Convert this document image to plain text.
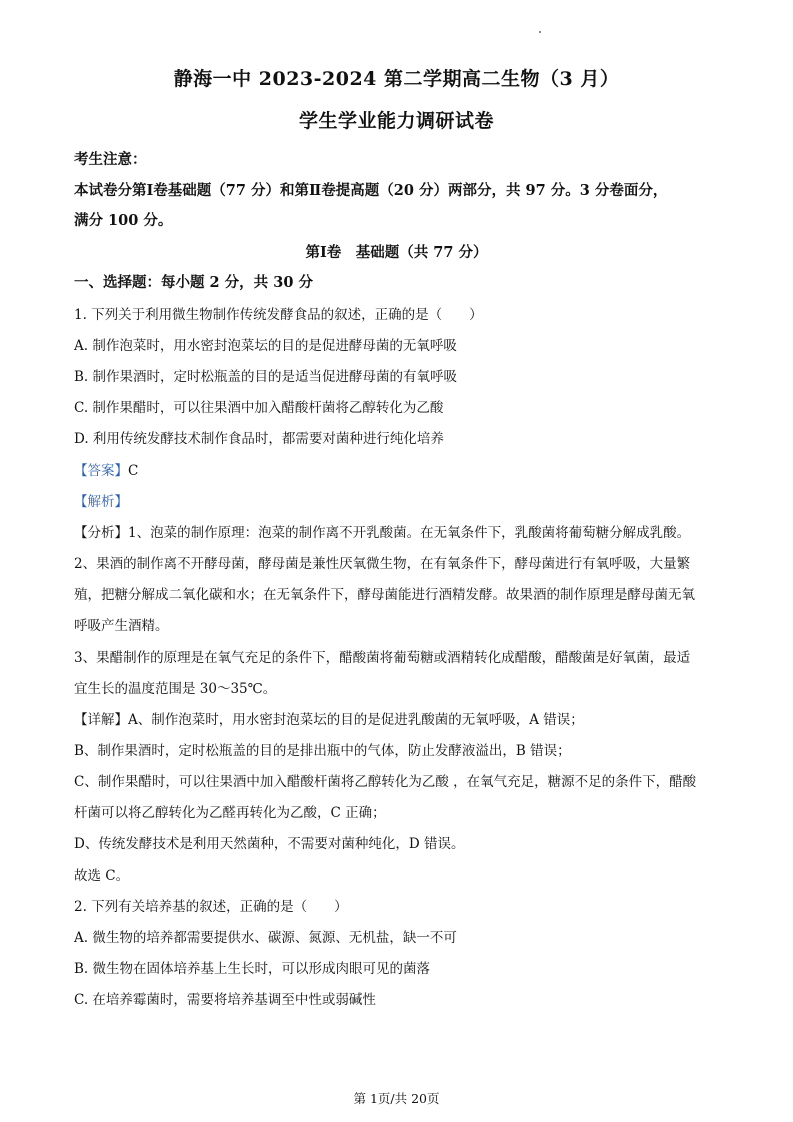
静海一中 2023-2024 第二学期高二生物（3 月）
学生学业能力调研试卷
考生注意：
本试卷分第Ⅰ卷基础题（77 分）和第Ⅱ卷提高题（20 分）两部分，共 97 分。3 分卷面分，
满分 100 分。
第Ⅰ卷　基础题（共 77 分）
一、选择题：每小题 2 分，共 30 分
1. 下列关于利用微生物制作传统发酵食品的叙述，正确的是（　　）
A. 制作泡菜时，用水密封泡菜坛的目的是促进酵母菌的无氧呼吸
B. 制作果酒时，定时松瓶盖的目的是适当促进酵母菌的有氧呼吸
C. 制作果醋时，可以往果酒中加入醋酸杆菌将乙醇转化为乙酸
D. 利用传统发酵技术制作食品时，都需要对菌种进行纯化培养
【答案】C
【解析】
【分析】1、泡菜的制作原理：泡菜的制作离不开乳酸菌。在无氧条件下，乳酸菌将葡萄糖分解成乳酸。
2、果酒的制作离不开酵母菌，酵母菌是兼性厌氧微生物，在有氧条件下，酵母菌进行有氧呼吸，大量繁
殖，把糖分解成二氧化碳和水；在无氧条件下，酵母菌能进行酒精发酵。故果酒的制作原理是酵母菌无氧
呼吸产生酒精。
3、果醋制作的原理是在氧气充足的条件下，醋酸菌将葡萄糖或酒精转化成醋酸，醋酸菌是好氧菌，最适
宜生长的温度范围是 30～35℃。
【详解】A、制作泡菜时，用水密封泡菜坛的目的是促进乳酸菌的无氧呼吸，A 错误；
B、制作果酒时，定时松瓶盖的目的是排出瓶中的气体，防止发酵液溢出，B 错误；
C、制作果醋时，可以往果酒中加入醋酸杆菌将乙醇转化为乙酸 ，在氧气充足，糖源不足的条件下，醋酸
杆菌可以将乙醇转化为乙醛再转化为乙酸，C 正确；
D、传统发酵技术是利用天然菌种，不需要对菌种纯化，D 错误。
故选 C。
2. 下列有关培养基的叙述，正确的是（　　）
A. 微生物的培养都需要提供水、碳源、氮源、无机盐，缺一不可
B. 微生物在固体培养基上生长时，可以形成肉眼可见的菌落
C. 在培养霉菌时，需要将培养基调至中性或弱碱性
第 1页/共 20页
